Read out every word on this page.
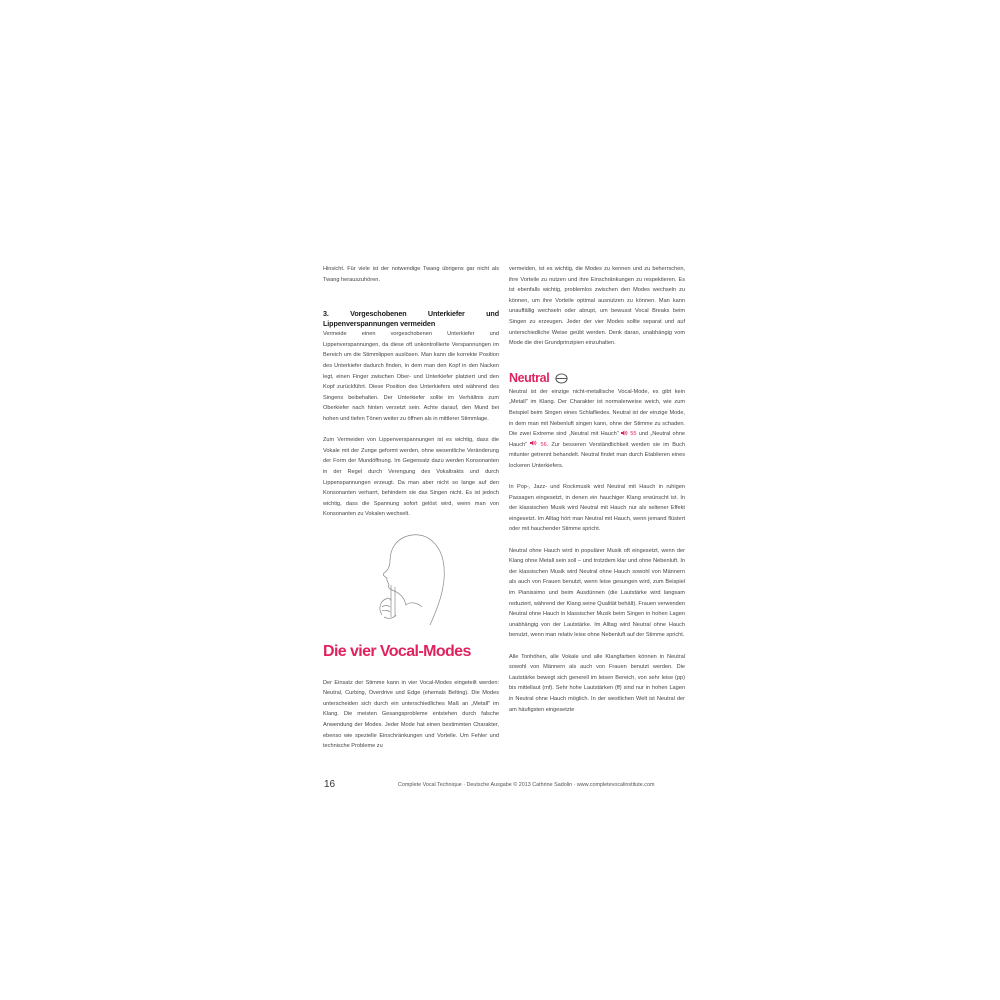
Hinsicht. Für viele ist der notwendige Twang übrigens gar nicht als Twang herauszuhören.

3. Vorgeschobenen Unterkiefer und Lippenverspannungen vermeiden

Vermeide einen vorgeschobenen Unterkiefer und Lippenverspannungen, da diese oft unkontrollierte Verspannungen im Bereich um die Stimmlippen auslösen. Man kann die korrekte Position des Unterkiefer dadurch finden, in dem man den Kopf in den Nacken legt, einen Finger zwischen Ober- und Unterkiefer platziert und den Kopf zurückführt. Diese Position des Unterkiefers wird während des Singens beibehalten. Der Unterkiefer sollte im Verhältnis zum Oberkiefer nach hinten versetzt sein. Achte darauf, den Mund bei hohen und tiefen Tönen weiter zu öffnen als in mittlerer Stimmlage.

Zum Vermeiden von Lippenverspannungen ist es wichtig, dass die Vokale mit der Zunge geformt werden, ohne wesentliche Veränderung der Form der Mundöffnung. Im Gegensatz dazu werden Konsonanten in der Regel durch Verengung des Vokaltrakts und durch Lippenspannungen erzeugt. Da man aber nicht so lange auf den Konsonanten verharrt, behindern sie das Singen nicht. Es ist jedoch wichtig, dass die Spannung sofort gelöst wird, wenn man von Konsonanten zu Vokalen wechselt.

Die vier Vocal-Modes

Der Einsatz der Stimme kann in vier Vocal-Modes eingeteilt werden: Neutral, Curbing, Overdrive und Edge (ehemals Belting). Die Modes unterscheiden sich durch ein unterschiedliches Maß an „Metall" im Klang. Die meisten Gesangsprobleme entstehen durch falsche Anwendung der Modes. Jeder Mode hat einen bestimmten Charakter, ebenso wie spezielle Einschränkungen und Vorteile. Um Fehler und technische Probleme zu

vermeiden, ist es wichtig, die Modes zu kennen und zu beherrschen, ihre Vorteile zu nutzen und ihre Einschränkungen zu respektieren. Es ist ebenfalls wichtig, problemlos zwischen den Modes wechseln zu können, um ihre Vorteile optimal ausnutzen zu können. Man kann unauffällig wechseln oder abrupt, um bewusst Vocal Breaks beim Singen zu erzeugen. Jeder der vier Modes sollte separat und auf unterschiedliche Weise geübt werden. Denk daran, unabhängig vom Mode die drei Grundprinzipien einzuhalten.

Neutral

Neutral ist der einzige nicht-metallische Vocal-Mode, es gibt kein „Metall" im Klang. Der Charakter ist normalerweise weich, wie zum Beispiel beim Singen eines Schlafliedes. Neutral ist der einzige Mode, in dem man mit Nebenluft singen kann, ohne der Stimme zu schaden. Die zwei Extreme sind „Neutral mit Hauch"  55 und „Neutral ohne Hauch"  56. Zur besseren Verständlichkeit werden sie im Buch mitunter getrennt behandelt. Neutral findet man durch Etablieren eines lockeren Unterkiefers.

In Pop-, Jazz- und Rockmusik wird Neutral mit Hauch in ruhigen Passagen eingesetzt, in denen ein hauchiger Klang erwünscht ist. In der klassischen Musik wird Neutral mit Hauch nur als seltener Effekt eingesetzt. Im Alltag hört man Neutral mit Hauch, wenn jemand flüstert oder mit hauchender Stimme spricht.

Neutral ohne Hauch wird in populärer Musik oft eingesetzt, wenn der Klang ohne Metall sein soll – und trotzdem klar und ohne Nebenluft. In der klassischen Musik wird Neutral ohne Hauch sowohl von Männern als auch von Frauen benutzt, wenn leise gesungen wird, zum Beispiel im Pianissimo und beim Ausdünnen (die Lautstärke wird langsam reduziert, während der Klang seine Qualität behält). Frauen verwenden Neutral ohne Hauch in klassischer Musik beim Singen in hohen Lagen unabhängig von der Lautstärke. Im Alltag wird Neutral ohne Hauch benutzt, wenn man relativ leise ohne Nebenluft auf der Stimme spricht.

Alle Tonhöhen, alle Vokale und alle Klangfarben können in Neutral sowohl von Männern als auch von Frauen benutzt werden. Die Lautstärke bewegt sich generell im leisen Bereich, von sehr leise (pp) bis mittellaut (mf). Sehr hohe Lautstärken (ff) sind nur in hohen Lagen in Neutral ohne Hauch möglich. In der westlichen Welt ist Neutral der am häufigsten eingesetzte

16	Complete Vocal Technique · Deutsche Ausgabe © 2013 Cathrine Sadolin · www.completevocalinstitute.com
